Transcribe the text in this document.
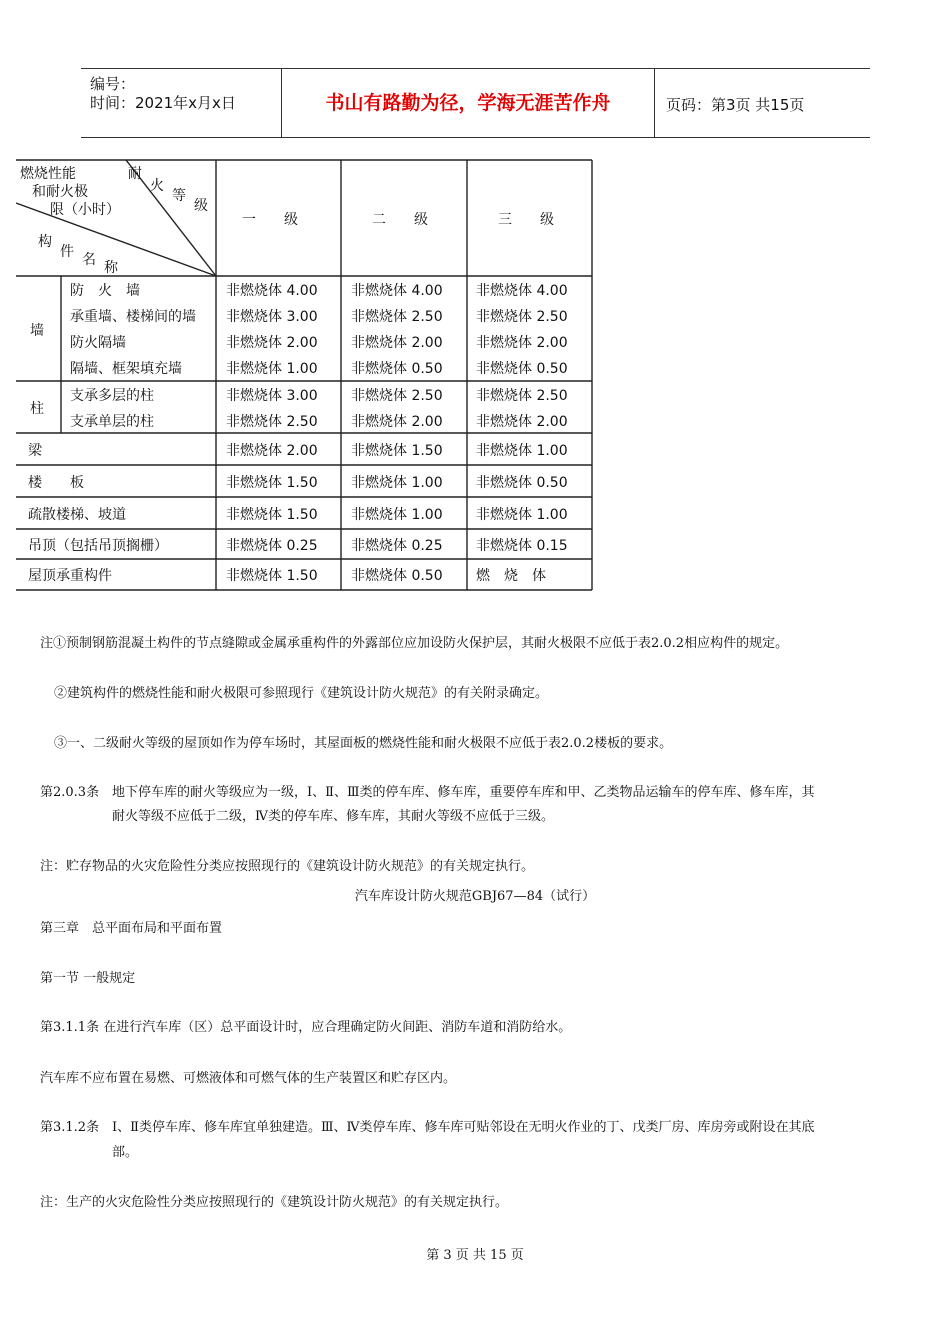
编号：
时间：2021年x月x日	书山有路勤为径，学海无涯苦作舟	页码：第3页 共15页
燃烧性能
和耐火极
限（小时）
耐
火
等
级
构
件 名 称
一　　级	二　　级	三　　级
墙
防　火　墙	非燃烧体 4.00 非燃烧体 4.00 非燃烧体 4.00
承重墙、楼梯间的墙 非燃烧体 3.00 非燃烧体 2.50 非燃烧体 2.50
防火隔墙	非燃烧体 2.00 非燃烧体 2.00 非燃烧体 2.00
隔墙、框架填充墙	非燃烧体 1.00 非燃烧体 0.50 非燃烧体 0.50
柱
支承多层的柱	非燃烧体 3.00 非燃烧体 2.50 非燃烧体 2.50
支承单层的柱	非燃烧体 2.50 非燃烧体 2.00 非燃烧体 2.00
梁	非燃烧体 2.00 非燃烧体 1.50 非燃烧体 1.00
楼　　板	非燃烧体 1.50 非燃烧体 1.00 非燃烧体 0.50
疏散楼梯、坡道	非燃烧体 1.50 非燃烧体 1.00 非燃烧体 1.00
吊顶（包括吊顶搁栅）	非燃烧体 0.25 非燃烧体 0.25 非燃烧体 0.15
屋顶承重构件	非燃烧体 1.50 非燃烧体 0.50 燃　烧　体
注①预制钢筋混凝土构件的节点缝隙或金属承重构件的外露部位应加设防火保护层，其耐火极限不应低于表2.0.2相应构件的规定。
②建筑构件的燃烧性能和耐火极限可参照现行《建筑设计防火规范》的有关附录确定。
③一、二级耐火等级的屋顶如作为停车场时，其屋面板的燃烧性能和耐火极限不应低于表2.0.2楼板的要求。
第2.0.3条 地下停车库的耐火等级应为一级，Ⅰ、Ⅱ、Ⅲ类的停车库、修车库，重要停车库和甲、乙类物品运输车的停车库、修车库，其
耐火等级不应低于二级，Ⅳ类的停车库、修车库，其耐火等级不应低于三级。
注：贮存物品的火灾危险性分类应按照现行的《建筑设计防火规范》的有关规定执行。
汽车库设计防火规范GBJ67—84（试行）
第三章　总平面布局和平面布置
第一节 一般规定
第3.1.1条 在进行汽车库（区）总平面设计时，应合理确定防火间距、消防车道和消防给水。
汽车库不应布置在易燃、可燃液体和可燃气体的生产装置区和贮存区内。
第3.1.2条 Ⅰ、Ⅱ类停车库、修车库宜单独建造。Ⅲ、Ⅳ类停车库、修车库可贴邻设在无明火作业的丁、戊类厂房、库房旁或附设在其底
部。
注：生产的火灾危险性分类应按照现行的《建筑设计防火规范》的有关规定执行。
第 3 页 共 15 页
